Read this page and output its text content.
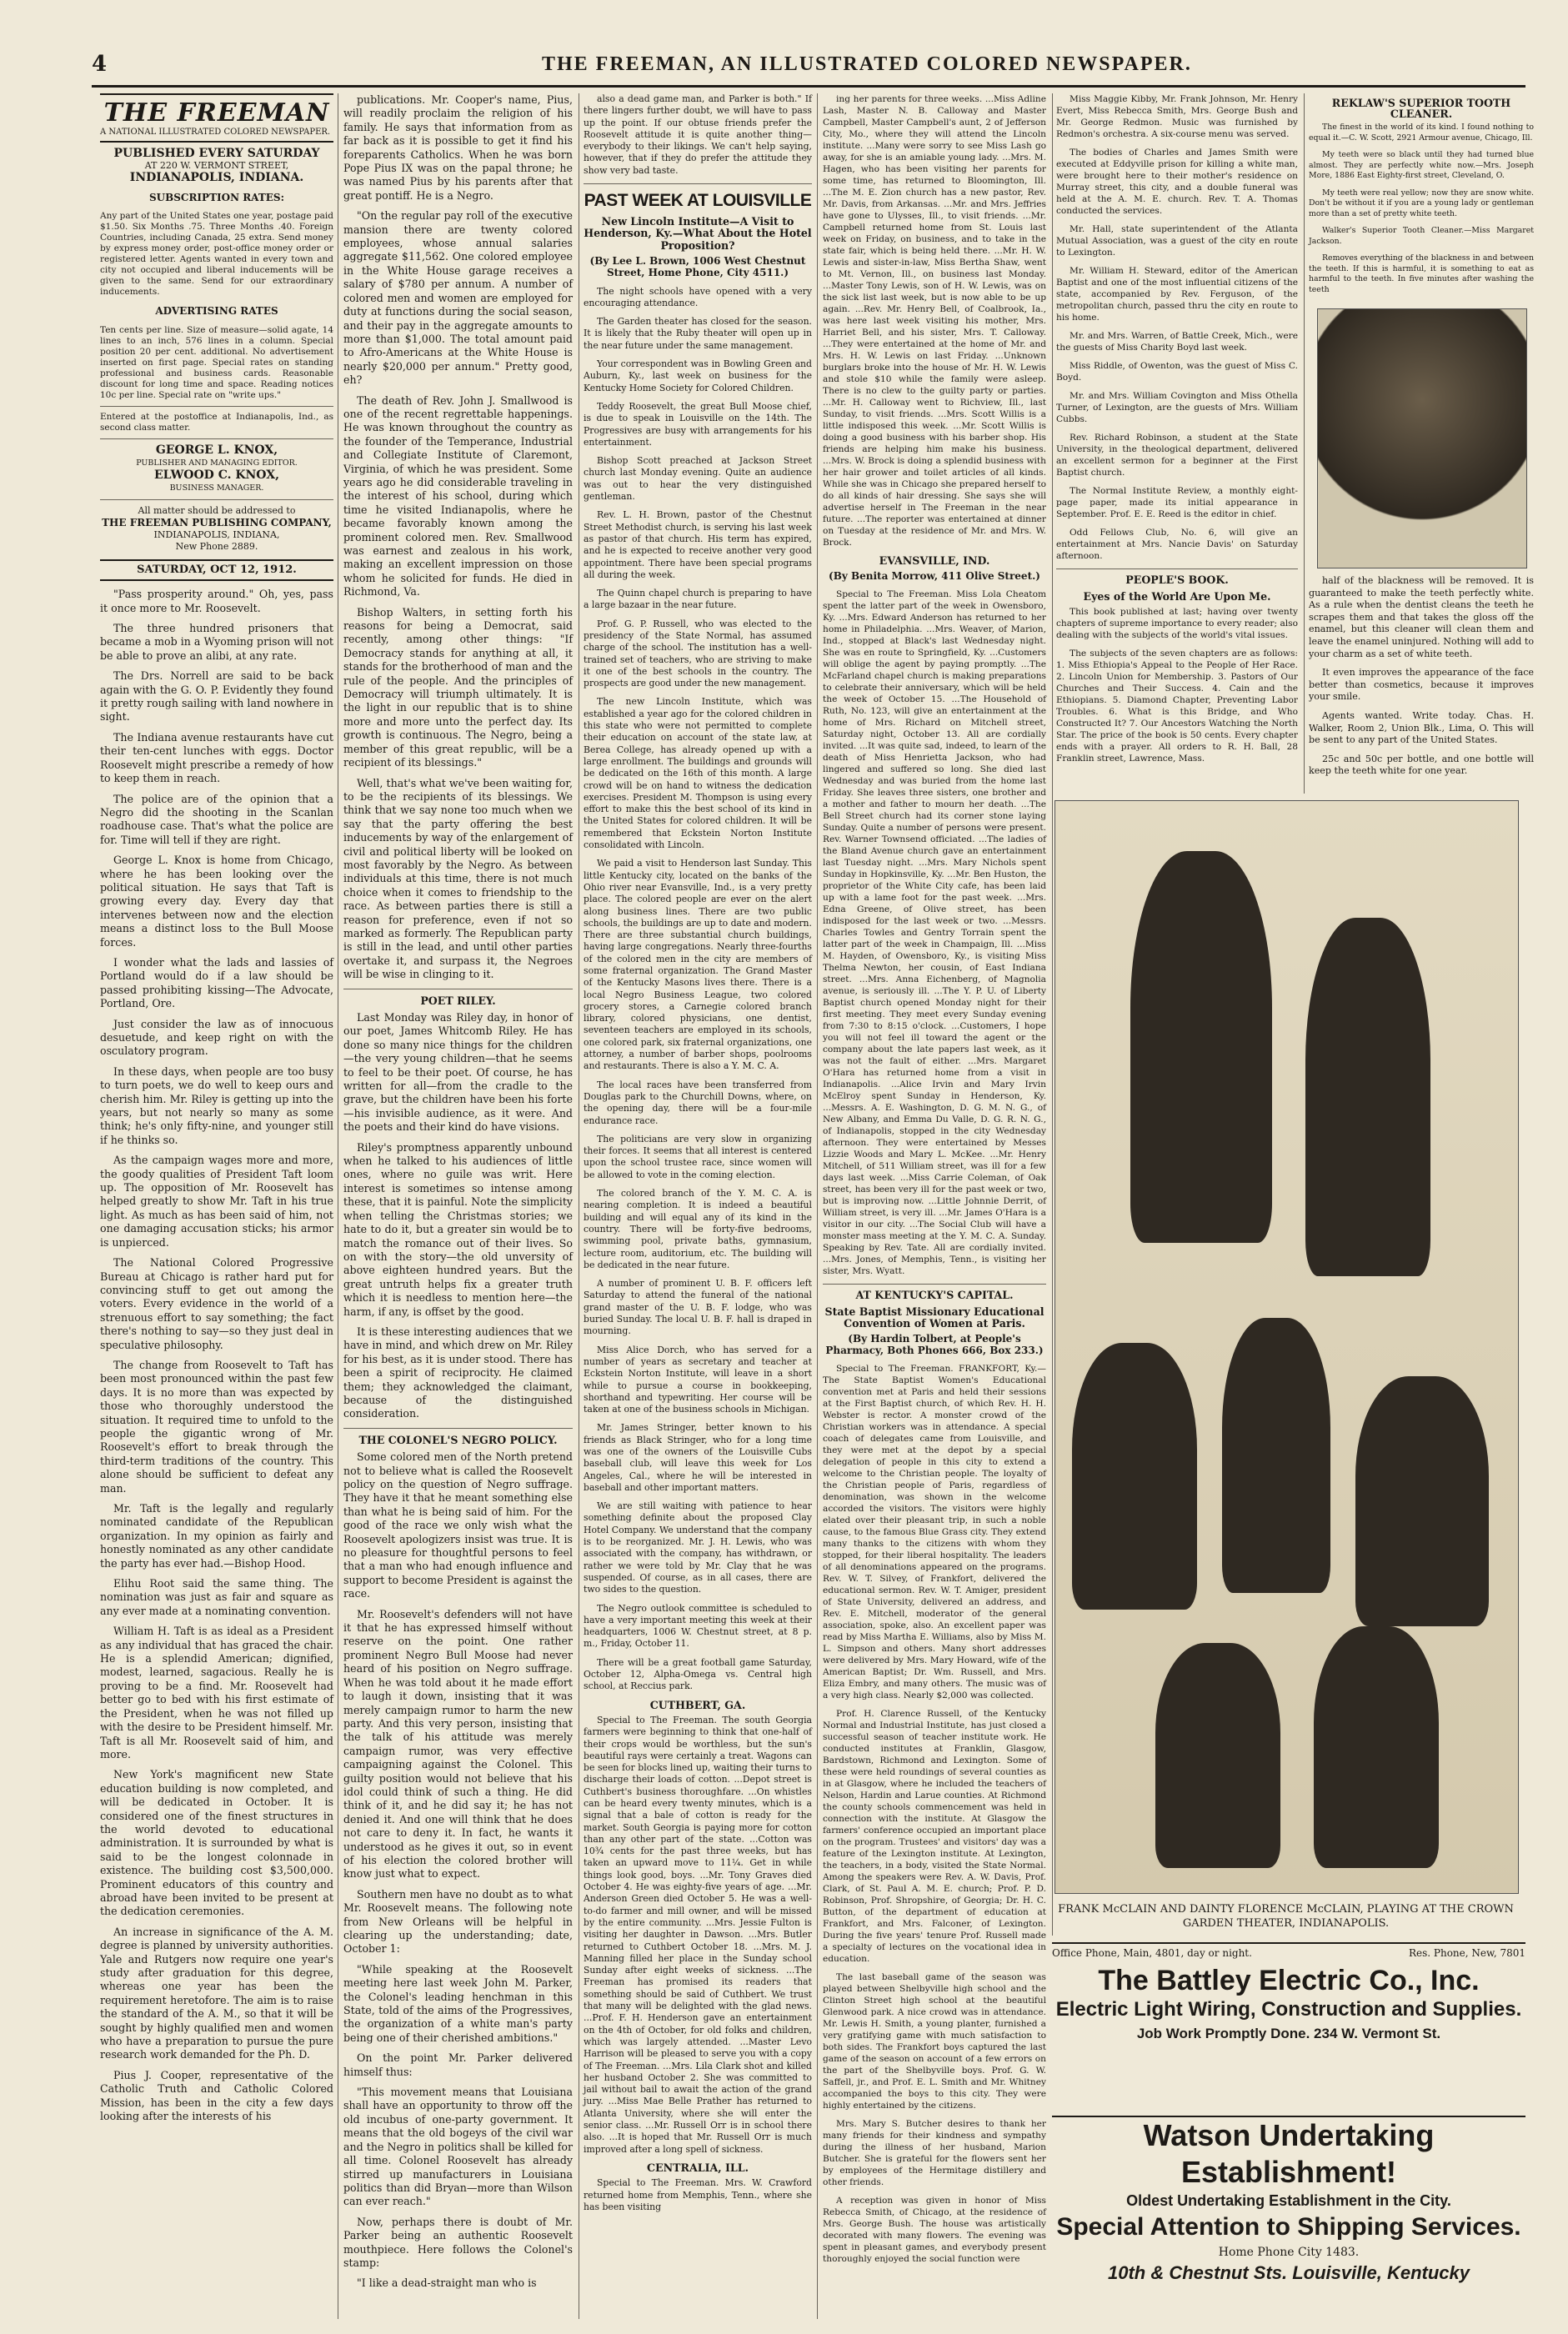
4	THE FREEMAN, AN ILLUSTRATED COLORED NEWSPAPER.
THE FREEMAN
A NATIONAL ILLUSTRATED COLORED NEWSPAPER.
PUBLISHED EVERY SATURDAY
AT 220 W. VERMONT STREET,
INDIANAPOLIS, INDIANA.
SUBSCRIPTION RATES:
Any part of the United States one year, postage paid $1.50. Six Months .75. Three Months .40. Foreign Countries, including Canada, 25 extra. Send money by express money order, post-office money order or registered letter. Agents wanted in every town and city not occupied and liberal inducements will be given to the same. Send for our extraordinary inducements.
ADVERTISING RATES
Ten cents per line. Size of measure—solid agate, 14 lines to an inch, 576 lines in a column. Special position 20 per cent. additional. No advertisement inserted on first page. Special rates on standing professional and business cards. Reasonable discount for long time and space. Reading notices 10c per line. Special rate on "write ups."
Entered at the postoffice at Indianapolis, Ind., as second class matter.
GEORGE L. KNOX,
PUBLISHER AND MANAGING EDITOR.
ELWOOD C. KNOX,
BUSINESS MANAGER.
All matter should be addressed to
THE FREEMAN PUBLISHING COMPANY,
INDIANAPOLIS, INDIANA,
New Phone 2889.
SATURDAY, OCT 12, 1912.

"Pass prosperity around." Oh, yes, pass it once more to Mr. Roosevelt.

The three hundred prisoners that became a mob in a Wyoming prison will not be able to prove an alibi, at any rate.

The Drs. Norrell are said to be back again with the G. O. P. Evidently they found it pretty rough sailing with land nowhere in sight.

The Indiana avenue restaurants have cut their ten-cent lunches with eggs. Doctor Roosevelt might prescribe a remedy of how to keep them in reach.

The police are of the opinion that a Negro did the shooting in the Scanlan roadhouse case. That's what the police are for. Time will tell if they are right.

George L. Knox is home from Chicago, where he has been looking over the political situation. He says that Taft is growing every day. Every day that intervenes between now and the election means a distinct loss to the Bull Moose forces.

I wonder what the lads and lassies of Portland would do if a law should be passed prohibiting kissing—The Advocate, Portland, Ore.

Just consider the law as of innocuous desuetude, and keep right on with the osculatory program.

In these days, when people are too busy to turn poets, we do well to keep ours and cherish him. Mr. Riley is getting up into the years, but not nearly so many as some think; he's only fifty-nine, and younger still if he thinks so.

As the campaign wages more and more, the goody qualities of President Taft loom up. The opposition of Mr. Roosevelt has helped greatly to show Mr. Taft in his true light. As much as has been said of him, not one damaging accusation sticks; his armor is unpierced.

The National Colored Progressive Bureau at Chicago is rather hard put for convincing stuff to get out among the voters. Every evidence in the world of a strenuous effort to say something; the fact there's nothing to say—so they just deal in speculative philosophy.

The change from Roosevelt to Taft has been most pronounced within the past few days. It is no more than was expected by those who thoroughly understood the situation. It required time to unfold to the people the gigantic wrong of Mr. Roosevelt's effort to break through the third-term traditions of the country. This alone should be sufficient to defeat any man.

Mr. Taft is the legally and regularly nominated candidate of the Republican organization. In my opinion as fairly and honestly nominated as any other candidate the party has ever had.—Bishop Hood.

Elihu Root said the same thing. The nomination was just as fair and square as any ever made at a nominating convention.

William H. Taft is as ideal as a President as any individual that has graced the chair. He is a splendid American; dignified, modest, learned, sagacious. Really he is proving to be a find. Mr. Roosevelt had better go to bed with his first estimate of the President, when he was not filled up with the desire to be President himself. Mr. Taft is all Mr. Roosevelt said of him, and more.

New York's magnificent new State education building is now completed, and will be dedicated in October. It is considered one of the finest structures in the world devoted to educational administration. It is surrounded by what is said to be the longest colonnade in existence. The building cost $3,500,000. Prominent educators of this country and abroad have been invited to be present at the dedication ceremonies.

An increase in significance of the A. M. degree is planned by university authorities. Yale and Rutgers now require one year's study after graduation for this degree, whereas one year has been the requirement heretofore. The aim is to raise the standard of the A. M., so that it will be sought by highly qualified men and women who have a preparation to pursue the pure research work demanded for the Ph. D.

Pius J. Cooper, representative of the Catholic Truth and Catholic Colored Mission, has been in the city a few days looking after the interests of his

publications. Mr. Cooper's name, Pius, will readily proclaim the religion of his family. He says that information from as far back as it is possible to get it find his foreparents Catholics. When he was born Pope Pius IX was on the papal throne; he was named Pius by his parents after that great pontiff. He is a Negro.

"On the regular pay roll of the executive mansion there are twenty colored employees, whose annual salaries aggregate $11,562. One colored employee in the White House garage receives a salary of $780 per annum. A number of colored men and women are employed for duty at functions during the social season, and their pay in the aggregate amounts to more than $1,000. The total amount paid to Afro-Americans at the White House is nearly $20,000 per annum." Pretty good, eh?

The death of Rev. John J. Smallwood is one of the recent regrettable happenings. He was known throughout the country as the founder of the Temperance, Industrial and Collegiate Institute of Claremont, Virginia, of which he was president. Some years ago he did considerable traveling in the interest of his school, during which time he visited Indianapolis, where he became favorably known among the prominent colored men. Rev. Smallwood was earnest and zealous in his work, making an excellent impression on those whom he solicited for funds. He died in Richmond, Va.

Bishop Walters, in setting forth his reasons for being a Democrat, said recently, among other things: "If Democracy stands for anything at all, it stands for the brotherhood of man and the rule of the people. And the principles of Democracy will triumph ultimately. It is the light in our republic that is to shine more and more unto the perfect day. Its growth is continuous. The Negro, being a member of this great republic, will be a recipient of its blessings."

Well, that's what we've been waiting for, to be the recipients of its blessings. We think that we say none too much when we say that the party offering the best inducements by way of the enlargement of civil and political liberty will be looked on most favorably by the Negro. As between individuals at this time, there is not much choice when it comes to friendship to the race. As between parties there is still a reason for preference, even if not so marked as formerly. The Republican party is still in the lead, and until other parties overtake it, and surpass it, the Negroes will be wise in clinging to it.

POET RILEY.

Last Monday was Riley day, in honor of our poet, James Whitcomb Riley. He has done so many nice things for the children—the very young children—that he seems to feel to be their poet. Of course, he has written for all—from the cradle to the grave, but the children have been his forte—his invisible audience, as it were. And the poets and their kind do have visions.

Riley's promptness apparently unbound when he talked to his audiences of little ones, where no guile was writ. Here interest is sometimes so intense among these, that it is painful. Note the simplicity when telling the Christmas stories; we hate to do it, but a greater sin would be to match the romance out of their lives. So on with the story—the old unversity of above eighteen hundred years. But the great untruth helps fix a greater truth which it is needless to mention here—the harm, if any, is offset by the good.

It is these interesting audiences that we have in mind, and which drew on Mr. Riley for his best, as it is under stood. There has been a spirit of reciprocity. He claimed them; they acknowledged the claimant, because of the distinguished consideration.

THE COLONEL'S NEGRO POLICY.

Some colored men of the North pretend not to believe what is called the Roosevelt policy on the question of Negro suffrage. They have it that he meant something else than what he is being said of him. For the good of the race we only wish what the Roosevelt apologizers insist was true. It is no pleasure for thoughtful persons to feel that a man who had enough influence and support to become President is against the race.

Mr. Roosevelt's defenders will not have it that he has expressed himself without reserve on the point. One rather prominent Negro Bull Moose had never heard of his position on Negro suffrage. When he was told about it he made effort to laugh it down, insisting that it was merely campaign rumor to harm the new party. And this very person, insisting that the talk of his attitude was merely campaign rumor, was very effective campaigning against the Colonel. This guilty position would not believe that his idol could think of such a thing. He did think of it, and he did say it; he has not denied it. And one will think that he does not care to deny it. In fact, he wants it understood as he gives it out, so in event of his election the colored brother will know just what to expect.

Southern men have no doubt as to what Mr. Roosevelt means. The following note from New Orleans will be helpful in clearing up the understanding; date, October 1:

"While speaking at the Roosevelt meeting here last week John M. Parker, the Colonel's leading henchman in this State, told of the aims of the Progressives, the organization of a white man's party being one of their cherished ambitions."

On the point Mr. Parker delivered himself thus:

"This movement means that Louisiana shall have an opportunity to throw off the old incubus of one-party government. It means that the old bogeys of the civil war and the Negro in politics shall be killed for all time. Colonel Roosevelt has already stirred up manufacturers in Louisiana politics than did Bryan—more than Wilson can ever reach."

Now, perhaps there is doubt of Mr. Parker being an authentic Roosevelt mouthpiece. Here follows the Colonel's stamp:

"I like a dead-straight man who is

also a dead game man, and Parker is both." If there lingers further doubt, we will have to pass up the point. If our obtuse friends prefer the Roosevelt attitude it is quite another thing—everybody to their likings. We can't help saying, however, that if they do prefer the attitude they show very bad taste.

PAST WEEK AT LOUISVILLE
New Lincoln Institute—A Visit to Henderson, Ky.—What About the Hotel Proposition?
(By Lee L. Brown, 1006 West Chestnut Street, Home Phone, City 4511.)

The night schools have opened with a very encouraging attendance.

The Garden theater has closed for the season. It is likely that the Ruby theater will open up in the near future under the same management.

Your correspondent was in Bowling Green and Auburn, Ky., last week on business for the Kentucky Home Society for Colored Children.

Teddy Roosevelt, the great Bull Moose chief, is due to speak in Louisville on the 14th. The Progressives are busy with arrangements for his entertainment.

Bishop Scott preached at Jackson Street church last Monday evening. Quite an audience was out to hear the very distinguished gentleman.

Rev. L. H. Brown, pastor of the Chestnut Street Methodist church, is serving his last week as pastor of that church. His term has expired, and he is expected to receive another very good appointment. There have been special programs all during the week.

The Quinn chapel church is preparing to have a large bazaar in the near future.

Prof. G. P. Russell, who was elected to the presidency of the State Normal, has assumed charge of the school. The institution has a well-trained set of teachers, who are striving to make it one of the best schools in the country. The prospects are good under the new management.

The new Lincoln Institute, which was established a year ago for the colored children in this state who were not permitted to complete their education on account of the state law, at Berea College, has already opened up with a large enrollment. The buildings and grounds will be dedicated on the 16th of this month. A large crowd will be on hand to witness the dedication exercises. President M. Thompson is using every effort to make this the best school of its kind in the United States for colored children. It will be remembered that Eckstein Norton Institute consolidated with Lincoln.

We paid a visit to Henderson last Sunday. This little Kentucky city, located on the banks of the Ohio river near Evansville, Ind., is a very pretty place. The colored people are ever on the alert along business lines. There are two public schools, the buildings are up to date and modern. There are three substantial church buildings, having large congregations. Nearly three-fourths of the colored men in the city are members of some fraternal organization. The Grand Master of the Kentucky Masons lives there. There is a local Negro Business League, two colored grocery stores, a Carnegie colored branch library, colored physicians, one dentist, seventeen teachers are employed in its schools, one colored park, six fraternal organizations, one attorney, a number of barber shops, poolrooms and restaurants. There is also a Y. M. C. A.

The local races have been transferred from Douglas park to the Churchill Downs, where, on the opening day, there will be a four-mile endurance race.

The politicians are very slow in organizing their forces. It seems that all interest is centered upon the school trustee race, since women will be allowed to vote in the coming election.

The colored branch of the Y. M. C. A. is nearing completion. It is indeed a beautiful building and will equal any of its kind in the country. There will be forty-five bedrooms, swimming pool, private baths, gymnasium, lecture room, auditorium, etc. The building will be dedicated in the near future.

A number of prominent U. B. F. officers left Saturday to attend the funeral of the national grand master of the U. B. F. lodge, who was buried Sunday. The local U. B. F. hall is draped in mourning.

Miss Alice Dorch, who has served for a number of years as secretary and teacher at Eckstein Norton Institute, will leave in a short while to pursue a course in bookkeeping, shorthand and typewriting. Her course will be taken at one of the business schools in Michigan.

Mr. James Stringer, better known to his friends as Black Stringer, who for a long time was one of the owners of the Louisville Cubs baseball club, will leave this week for Los Angeles, Cal., where he will be interested in baseball and other important matters.

We are still waiting with patience to hear something definite about the proposed Clay Hotel Company. We understand that the company is to be reorganized. Mr. J. H. Lewis, who was associated with the company, has withdrawn, or rather we were told by Mr. Clay that he was suspended. Of course, as in all cases, there are two sides to the question.

The Negro outlook committee is scheduled to have a very important meeting this week at their headquarters, 1006 W. Chestnut street, at 8 p. m., Friday, October 11.

There will be a great football game Saturday, October 12, Alpha-Omega vs. Central high school, at Reccius park.

CUTHBERT, GA.

Special to The Freeman. The south Georgia farmers were beginning to think that one-half of their crops would be worthless, but the sun's beautiful rays were certainly a treat. Wagons can be seen for blocks lined up, waiting their turns to discharge their loads of cotton. ...Depot street is Cuthbert's business thoroughfare. ...On whistles can be heard every twenty minutes, which is a signal that a bale of cotton is ready for the market. South Georgia is paying more for cotton than any other part of the state. ...Cotton was 10¾ cents for the past three weeks, but has taken an upward move to 11¼. Get in while things look good, boys. ...Mr. Tony Graves died October 4. He was eighty-five years of age. ...Mr. Anderson Green died October 5. He was a well-to-do farmer and mill owner, and will be missed by the entire community. ...Mrs. Jessie Fulton is visiting her daughter in Dawson. ...Mrs. Butler returned to Cuthbert October 18. ...Mrs. M. J. Manning filled her place in the Sunday school Sunday after eight weeks of sickness. ...The Freeman has promised its readers that something should be said of Cuthbert. We trust that many will be delighted with the glad news. ...Prof. F. H. Henderson gave an entertainment on the 4th of October, for old folks and children, which was largely attended. ...Master Levo Harrison will be pleased to serve you with a copy of The Freeman. ...Mrs. Lila Clark shot and killed her husband October 2. She was committed to jail without bail to await the action of the grand jury. ...Miss Mae Belle Prather has returned to Atlanta University, where she will enter the senior class. ...Mr. Russell Orr is in school there also. ...It is hoped that Mr. Russell Orr is much improved after a long spell of sickness.

CENTRALIA, ILL.

Special to The Freeman. Mrs. W. Crawford returned home from Memphis, Tenn., where she has been visiting

ing her parents for three weeks. ...Miss Adline Lash, Master N. B. Calloway and Master Campbell, Master Campbell's aunt, 2 of Jefferson City, Mo., where they will attend the Lincoln institute. ...Many were sorry to see Miss Lash go away, for she is an amiable young lady. ...Mrs. M. Hagen, who has been visiting her parents for some time, has returned to Bloomington, Ill. ...The M. E. Zion church has a new pastor, Rev. Mr. Davis, from Arkansas. ...Mr. and Mrs. Jeffries have gone to Ulysses, Ill., to visit friends. ...Mr. Campbell returned home from St. Louis last week on Friday, on business, and to take in the state fair, which is being held there. ...Mr. H. W. Lewis and sister-in-law, Miss Bertha Shaw, went to Mt. Vernon, Ill., on business last Monday. ...Master Tony Lewis, son of H. W. Lewis, was on the sick list last week, but is now able to be up again. ...Rev. Mr. Henry Bell, of Coalbrook, Ia., was here last week visiting his mother, Mrs. Harriet Bell, and his sister, Mrs. T. Calloway. ...They were entertained at the home of Mr. and Mrs. H. W. Lewis on last Friday. ...Unknown burglars broke into the house of Mr. H. W. Lewis and stole $10 while the family were asleep. There is no clew to the guilty party or parties. ...Mr. H. Calloway went to Richview, Ill., last Sunday, to visit friends. ...Mrs. Scott Willis is a little indisposed this week. ...Mr. Scott Willis is doing a good business with his barber shop. His friends are helping him make his business. ...Mrs. W. Brock is doing a splendid business with her hair grower and toilet articles of all kinds. While she was in Chicago she prepared herself to do all kinds of hair dressing. She says she will advertise herself in The Freeman in the near future. ...The reporter was entertained at dinner on Tuesday at the residence of Mr. and Mrs. W. Brock.

EVANSVILLE, IND.
(By Benita Morrow, 411 Olive Street.)

Special to The Freeman. Miss Lola Cheatom spent the latter part of the week in Owensboro, Ky. ...Mrs. Edward Anderson has returned to her home in Philadelphia. ...Mrs. Weaver, of Marion, Ind., stopped at Black's last Wednesday night. She was en route to Springfield, Ky. ...Customers will oblige the agent by paying promptly. ...The McFarland chapel church is making preparations to celebrate their anniversary, which will be held the week of October 15. ...The Household of Ruth, No. 123, will give an entertainment at the home of Mrs. Richard on Mitchell street, Saturday night, October 13. All are cordially invited. ...It was quite sad, indeed, to learn of the death of Miss Henrietta Jackson, who had lingered and suffered so long. She died last Wednesday and was buried from the home last Friday. She leaves three sisters, one brother and a mother and father to mourn her death. ...The Bell Street church had its corner stone laying Sunday. Quite a number of persons were present. Rev. Warner Townsend officiated. ...The ladies of the Bland Avenue church gave an entertainment last Tuesday night. ...Mrs. Mary Nichols spent Sunday in Hopkinsville, Ky. ...Mr. Ben Huston, the proprietor of the White City cafe, has been laid up with a lame foot for the past week. ...Mrs. Edna Greene, of Olive street, has been indisposed for the last week or two. ...Messrs. Charles Towles and Gentry Torrain spent the latter part of the week in Champaign, Ill. ...Miss M. Hayden, of Owensboro, Ky., is visiting Miss Thelma Newton, her cousin, of East Indiana street. ...Mrs. Anna Eichenberg, of Magnolia avenue, is seriously ill. ...The Y. P. U. of Liberty Baptist church opened Monday night for their first meeting. They meet every Sunday evening from 7:30 to 8:15 o'clock. ...Customers, I hope you will not feel ill toward the agent or the company about the late papers last week, as it was not the fault of either. ...Mrs. Margaret O'Hara has returned home from a visit in Indianapolis. ...Alice Irvin and Mary Irvin McElroy spent Sunday in Henderson, Ky. ...Messrs. A. E. Washington, D. G. M. N. G., of New Albany, and Emma Du Valle, D. G. R. N. G., of Indianapolis, stopped in the city Wednesday afternoon. They were entertained by Messes Lizzie Woods and Mary L. McKee. ...Mr. Henry Mitchell, of 511 William street, was ill for a few days last week. ...Miss Carrie Coleman, of Oak street, has been very ill for the past week or two, but is improving now. ...Little Johnnie Derrit, of William street, is very ill. ...Mr. James O'Hara is a visitor in our city. ...The Social Club will have a monster mass meeting at the Y. M. C. A. Sunday. Speaking by Rev. Tate. All are cordially invited. ...Mrs. Jones, of Memphis, Tenn., is visiting her sister, Mrs. Wyatt.

AT KENTUCKY'S CAPITAL.
State Baptist Missionary Educational Convention of Women at Paris.
(By Hardin Tolbert, at People's Pharmacy, Both Phones 666, Box 233.)

Special to The Freeman. FRANKFORT, Ky.—The State Baptist Women's Educational convention met at Paris and held their sessions at the First Baptist church, of which Rev. H. H. Webster is rector. A monster crowd of the Christian workers was in attendance. A special coach of delegates came from Louisville, and they were met at the depot by a special delegation of people in this city to extend a welcome to the Christian people. The loyalty of the Christian people of Paris, regardless of denomination, was shown in the welcome accorded the visitors. The visitors were highly elated over their pleasant trip, in such a noble cause, to the famous Blue Grass city. They extend many thanks to the citizens with whom they stopped, for their liberal hospitality. The leaders of all denominations appeared on the programs. Rev. W. T. Silvey, of Frankfort, delivered the educational sermon. Rev. W. T. Amiger, president of State University, delivered an address, and Rev. E. Mitchell, moderator of the general association, spoke, also. An excellent paper was read by Miss Martha E. Williams, also by Miss M. L. Simpson and others. Many short addresses were delivered by Mrs. Mary Howard, wife of the American Baptist; Dr. Wm. Russell, and Mrs. Eliza Embry, and many others. The music was of a very high class. Nearly $2,000 was collected.

Prof. H. Clarence Russell, of the Kentucky Normal and Industrial Institute, has just closed a successful season of teacher institute work. He conducted institutes at Franklin, Glasgow, Bardstown, Richmond and Lexington. Some of these were held roundings of several counties as in at Glasgow, where he included the teachers of Nelson, Hardin and Larue counties. At Richmond the county schools commencement was held in connection with the institute. At Glasgow the farmers' conference occupied an important place on the program. Trustees' and visitors' day was a feature of the Lexington institute. At Lexington, the teachers, in a body, visited the State Normal. Among the speakers were Rev. A. W. Davis, Prof. Clark, of St. Paul A. M. E. church; Prof. P. D. Robinson, Prof. Shropshire, of Georgia; Dr. H. C. Button, of the department of education at Frankfort, and Mrs. Falconer, of Lexington. During the five years' tenure Prof. Russell made a specialty of lectures on the vocational idea in education.

The last baseball game of the season was played between Shelbyville high school and the Clinton Street high school at the beautiful Glenwood park. A nice crowd was in attendance. Mr. Lewis H. Smith, a young planter, furnished a very gratifying game with much satisfaction to both sides. The Frankfort boys captured the last game of the season on account of a few errors on the part of the Shelbyville boys. Prof. G. W. Saffell, jr., and Prof. E. L. Smith and Mr. Whitney accompanied the boys to this city. They were highly entertained by the citizens.

Mrs. Mary S. Butcher desires to thank her many friends for their kindness and sympathy during the illness of her husband, Marion Butcher. She is grateful for the flowers sent her by employees of the Hermitage distillery and other friends.

A reception was given in honor of Miss Rebecca Smith, of Chicago, at the residence of Mrs. George Bush. The house was artistically decorated with many flowers. The evening was spent in pleasant games, and everybody present thoroughly enjoyed the social function were

Miss Maggie Kibby, Mr. Frank Johnson, Mr. Henry Evert, Miss Rebecca Smith, Mrs. George Bush and Mr. George Redmon. Music was furnished by Redmon's orchestra. A six-course menu was served.

The bodies of Charles and James Smith were executed at Eddyville prison for killing a white man, were brought here to their mother's residence on Murray street, this city, and a double funeral was held at the A. M. E. church. Rev. T. A. Thomas conducted the services.

Mr. Hall, state superintendent of the Atlanta Mutual Association, was a guest of the city en route to Lexington.

Mr. William H. Steward, editor of the American Baptist and one of the most influential citizens of the state, accompanied by Rev. Ferguson, of the metropolitan church, passed thru the city en route to his home.

Mr. and Mrs. Warren, of Battle Creek, Mich., were the guests of Miss Charity Boyd last week.

Miss Riddle, of Owenton, was the guest of Miss C. Boyd.

Mr. and Mrs. William Covington and Miss Othella Turner, of Lexington, are the guests of Mrs. William Cubbs.

Rev. Richard Robinson, a student at the State University, in the theological department, delivered an excellent sermon for a beginner at the First Baptist church.

The Normal Institute Review, a monthly eight-page paper, made its initial appearance in September. Prof. E. E. Reed is the editor in chief.

Odd Fellows Club, No. 6, will give an entertainment at Mrs. Nancie Davis' on Saturday afternoon.

PEOPLE'S BOOK.
Eyes of the World Are Upon Me.

This book published at last; having over twenty chapters of supreme importance to every reader; also dealing with the subjects of the world's vital issues.

The subjects of the seven chapters are as follows: 1. Miss Ethiopia's Appeal to the People of Her Race. 2. Lincoln Union for Membership. 3. Pastors of Our Churches and Their Success. 4. Cain and the Ethiopians. 5. Diamond Chapter, Preventing Labor Troubles. 6. What is this Bridge, and Who Constructed It? 7. Our Ancestors Watching the North Star. The price of the book is 50 cents. Every chapter ends with a prayer. All orders to R. H. Ball, 28 Franklin street, Lawrence, Mass.

REKLAW'S SUPERIOR TOOTH CLEANER.

The finest in the world of its kind. I found nothing to equal it.—C. W. Scott, 2921 Armour avenue, Chicago, Ill.

My teeth were so black until they had turned blue almost. They are perfectly white now.—Mrs. Joseph More, 1886 East Eighty-first street, Cleveland, O.

My teeth were real yellow; now they are snow white. Don't be without it if you are a young lady or gentleman more than a set of pretty white teeth.

Walker's Superior Tooth Cleaner.—Miss Margaret Jackson.

Removes everything of the blackness in and between the teeth. If this is harmful, it is something to eat as harmful to the teeth. In five minutes after washing the teeth

half of the blackness will be removed. It is guaranteed to make the teeth perfectly white. As a rule when the dentist cleans the teeth he scrapes them and that takes the gloss off the enamel, but this cleaner will clean them and leave the enamel uninjured. Nothing will add to your charm as a set of white teeth.

It even improves the appearance of the face better than cosmetics, because it improves your smile.

Agents wanted. Write today. Chas. H. Walker, Room 2, Union Blk., Lima, O. This will be sent to any part of the United States.

25c and 50c per bottle, and one bottle will keep the teeth white for one year.

FRANK McCLAIN AND DAINTY FLORENCE McCLAIN, PLAYING AT THE CROWN GARDEN THEATER, INDIANAPOLIS.
Office Phone, Main, 4801, day or night.	Res. Phone, New, 7801
The Battley Electric Co., Inc.
Electric Light Wiring, Construction and Supplies.
Job Work Promptly Done. 234 W. Vermont St.
Watson Undertaking Establishment!
Oldest Undertaking Establishment in the City.
Special Attention to Shipping Services.
Home Phone City 1483.
10th & Chestnut Sts. Louisville, Kentucky
